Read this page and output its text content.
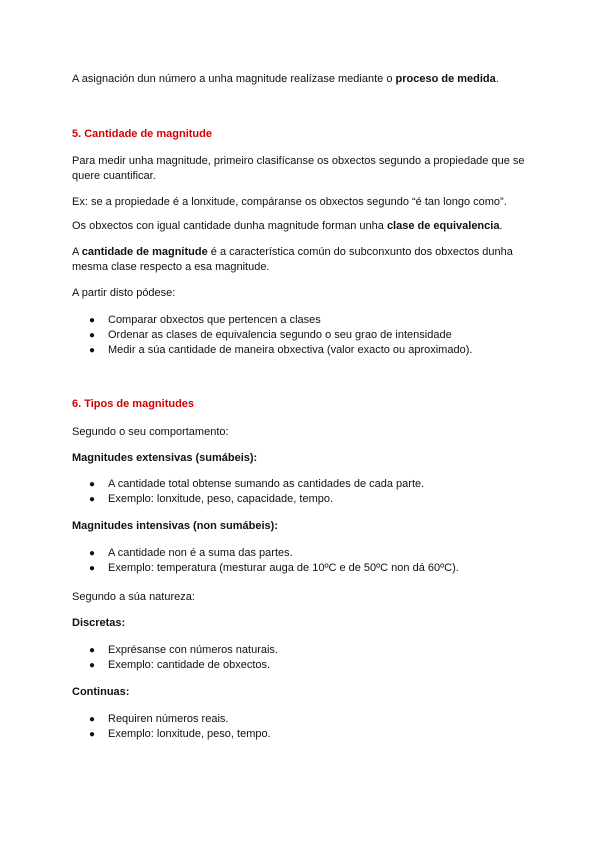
A asignación dun número a unha magnitude realízase mediante o proceso de medida.

5. Cantidade de magnitude

Para medir unha magnitude, primeiro clasifícanse os obxectos segundo a propiedade que se quere cuantificar.

Ex: se a propiedade é a lonxitude, compáranse os obxectos segundo “é tan longo como”.

Os obxectos con igual cantidade dunha magnitude forman unha clase de equivalencia.

A cantidade de magnitude é a característica común do subconxunto dos obxectos dunha mesma clase respecto a esa magnitude.

A partir disto pódese:

● Comparar obxectos que pertencen a clases
● Ordenar as clases de equivalencia segundo o seu grao de intensidade
● Medir a súa cantidade de maneira obxectiva (valor exacto ou aproximado).

6. Tipos de magnitudes

Segundo o seu comportamento:

Magnitudes extensivas (sumábeis):

● A cantidade total obtense sumando as cantidades de cada parte.
● Exemplo: lonxitude, peso, capacidade, tempo.

Magnitudes intensivas (non sumábeis):

● A cantidade non é a suma das partes.
● Exemplo: temperatura (mesturar auga de 10ºC e de 50ºC non dá 60ºC).

Segundo a súa natureza:

Discretas:

● Exprésanse con números naturais.
● Exemplo: cantidade de obxectos.

Continuas:

● Requiren números reais.
● Exemplo: lonxitude, peso, tempo.
